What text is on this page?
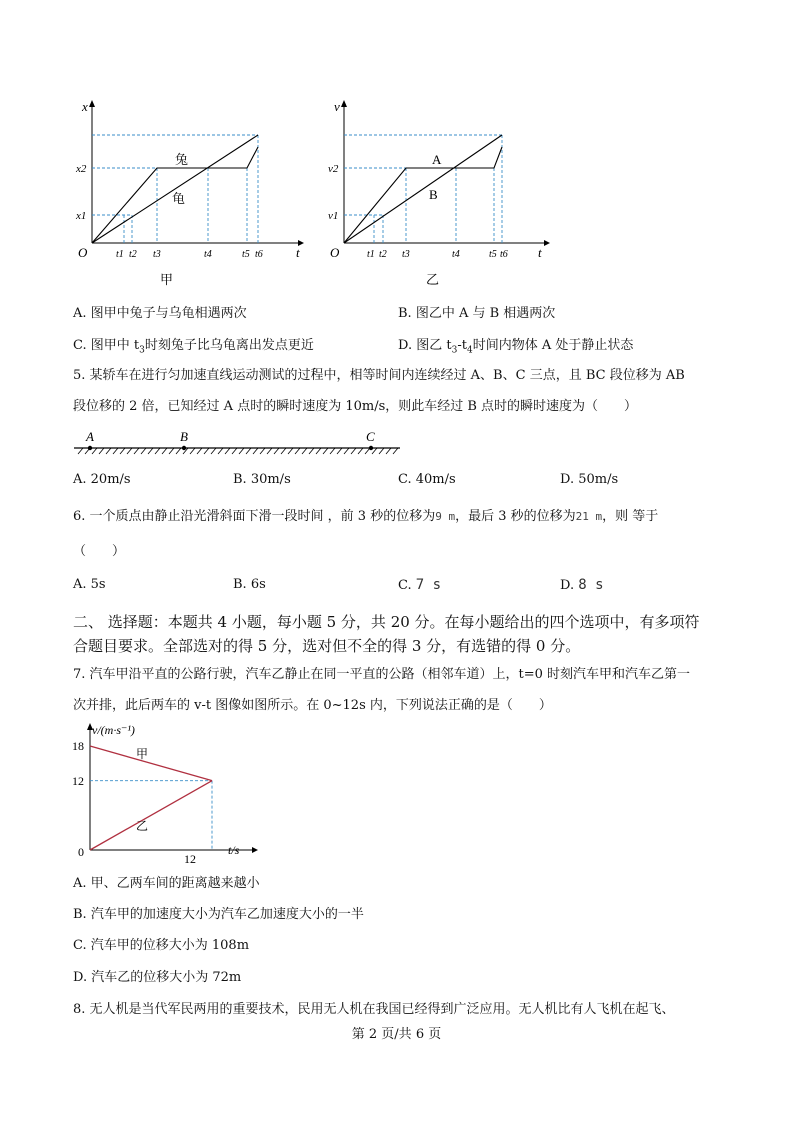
x
t
O
x2
x1
t1 t2 t3	t4	t5 t6
兔
龟
甲
v
t
O
v2
v1
t1 t2 t3	t4	t5 t6
A
B
乙
A. 图甲中兔子与乌龟相遇两次	B. 图乙中 A 与 B 相遇两次
C. 图甲中 $t_3$时刻兔子比乌龟离出发点更近	D. 图乙 $t_3-t_4$时间内物体 A 处于静止状态
5. 某轿车在进行匀加速直线运动测试的过程中，相等时间内连续经过 A、B、C 三点，且 BC 段位移为 AB
段位移的 2 倍，已知经过 A 点时的瞬时速度为 10m/s，则此车经过 B 点时的瞬时速度为（　　）
A	B	C
A. 20m/s	B. 30m/s	C. 40m/s	D. 50m/s
6. 一个质点由静止沿光滑斜面下滑一段时间 ，前 3 秒的位移为9 m，最后 3 秒的位移为21 m，则 等于
（　　）
A. 5s	B. 6s	C. 7 s	D. 8 s
二、 选择题：本题共 4 小题，每小题 5 分，共 20 分。在每小题给出的四个选项中，有多项符
合题目要求。全部选对的得 5 分，选对但不全的得 3 分，有选错的得 0 分。
7. 汽车甲沿平直的公路行驶，汽车乙静止在同一平直的公路（相邻车道）上，t=0 时刻汽车甲和汽车乙第一
次并排，此后两车的 v-t 图像如图所示。在 0~12s 内，下列说法正确的是（　　）
v/(m·s⁻¹)
t/s
0
18
12
12
甲
乙
A. 甲、乙两车间的距离越来越小
B. 汽车甲的加速度大小为汽车乙加速度大小的一半
C. 汽车甲的位移大小为 108m
D. 汽车乙的位移大小为 72m
8. 无人机是当代军民两用的重要技术，民用无人机在我国已经得到广泛应用。无人机比有人飞机在起飞、
第 2 页/共 6 页
